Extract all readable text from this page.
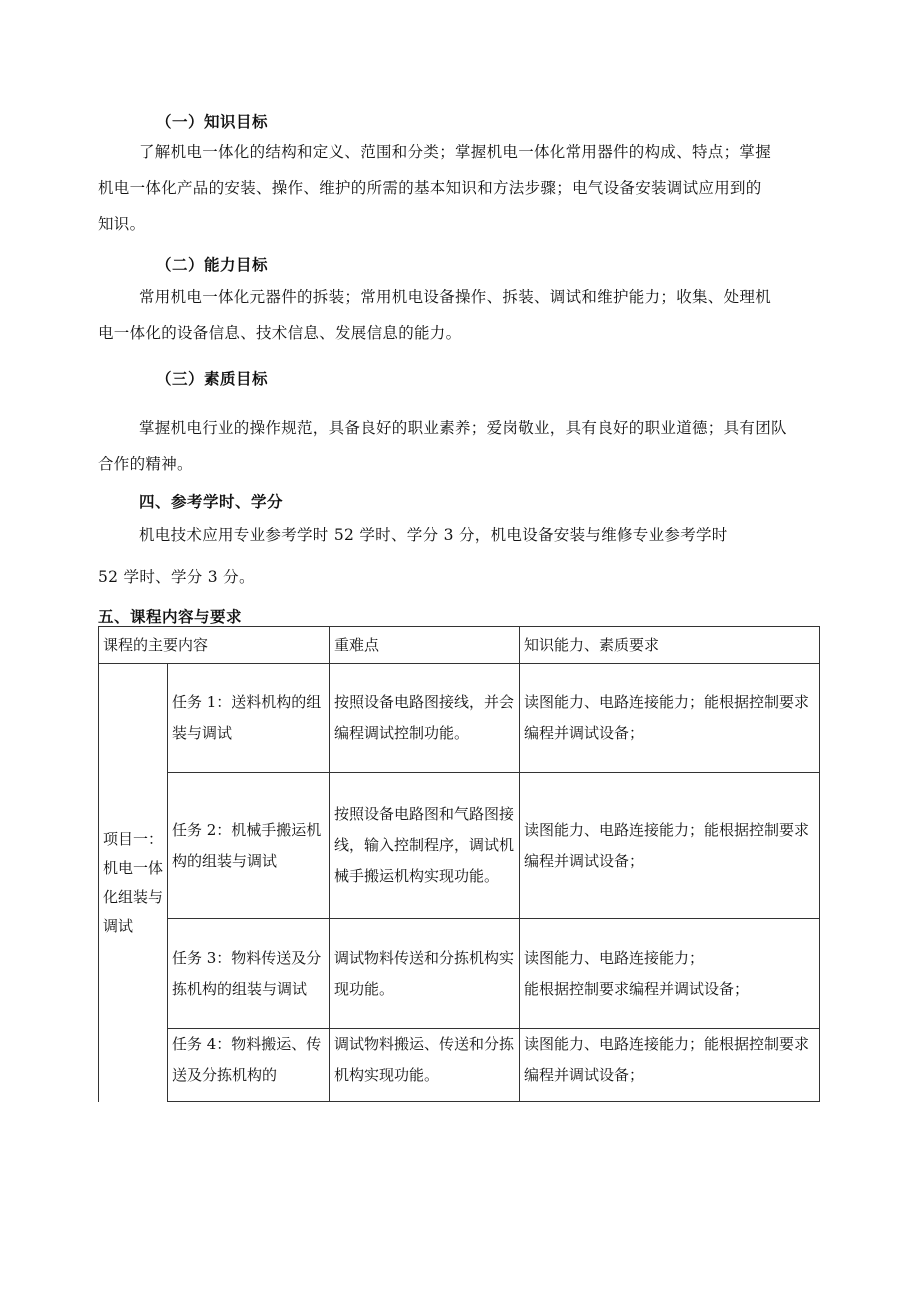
（一）知识目标
了解机电一体化的结构和定义、范围和分类；掌握机电一体化常用器件的构成、特点；掌握
机电一体化产品的安装、操作、维护的所需的基本知识和方法步骤；电气设备安装调试应用到的
知识。
（二）能力目标
常用机电一体化元器件的拆装；常用机电设备操作、拆装、调试和维护能力；收集、处理机
电一体化的设备信息、技术信息、发展信息的能力。
（三）素质目标
掌握机电行业的操作规范，具备良好的职业素养；爱岗敬业，具有良好的职业道德；具有团队
合作的精神。
四、参考学时、学分
机电技术应用专业参考学时 52 学时、学分 3 分，机电设备安装与维修专业参考学时
52 学时、学分 3 分。
五、课程内容与要求
课程的主要内容		重难点	知识能力、素质要求
项目一：机电一体化组装与调试	任务 1：送料机构的组装与调试	按照设备电路图接线，并会编程调试控制功能。	读图能力、电路连接能力；能根据控制要求编程并调试设备；
	任务 2：机械手搬运机构的组装与调试	按照设备电路图和气路图接线，输入控制程序，调试机械手搬运机构实现功能。	读图能力、电路连接能力；能根据控制要求编程并调试设备；
	任务 3：物料传送及分拣机构的组装与调试	调试物料传送和分拣机构实现功能。	读图能力、电路连接能力；
能根据控制要求编程并调试设备；

	任务 4：物料搬运、传送及分拣机构的	调试物料搬运、传送和分拣机构实现功能。	读图能力、电路连接能力；能根据控制要求编程并调试设备；
